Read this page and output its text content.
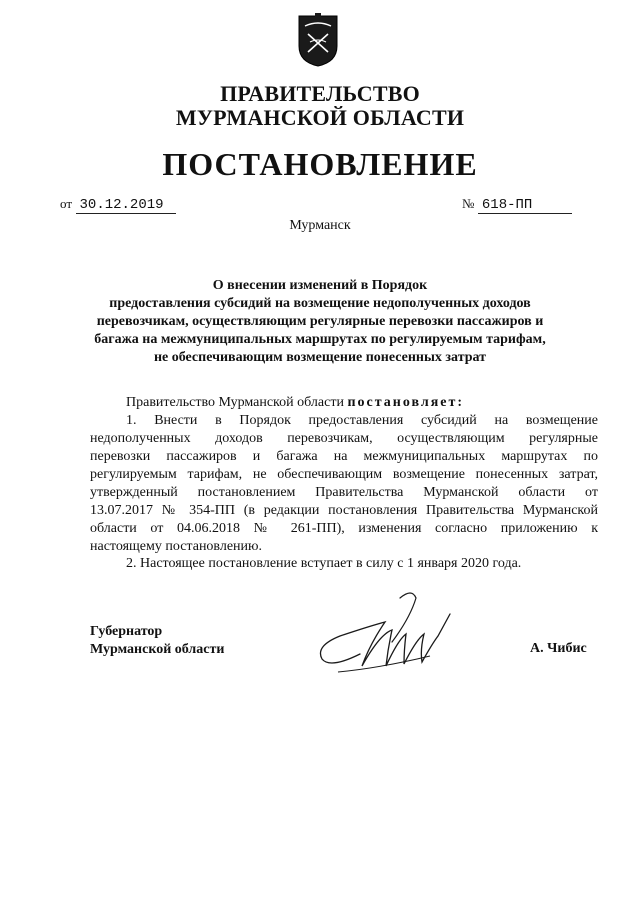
ПРАВИТЕЛЬСТВО
МУРМАНСКОЙ ОБЛАСТИ
ПОСТАНОВЛЕНИЕ
от 30.12.2019	№ 618-ПП
Мурманск
О внесении изменений в Порядок
предоставления субсидий на возмещение недополученных доходов
перевозчикам, осуществляющим регулярные перевозки пассажиров и
багажа на межмуниципальных маршрутах по регулируемым тарифам,
не обеспечивающим возмещение понесенных затрат
Правительство Мурманской области постановляет:
1. Внести в Порядок предоставления субсидий на возмещение
недополученных доходов перевозчикам, осуществляющим регулярные
перевозки пассажиров и багажа на межмуниципальных маршрутах по
регулируемым тарифам, не обеспечивающим возмещение понесенных затрат,
утвержденный постановлением Правительства Мурманской области от
13.07.2017 № 354-ПП (в редакции постановления Правительства Мурманской
области от 04.06.2018 № 261-ПП), изменения согласно приложению к
настоящему постановлению.
2. Настоящее постановление вступает в силу с 1 января 2020 года.
Губернатор
Мурманской области	А. Чибис
